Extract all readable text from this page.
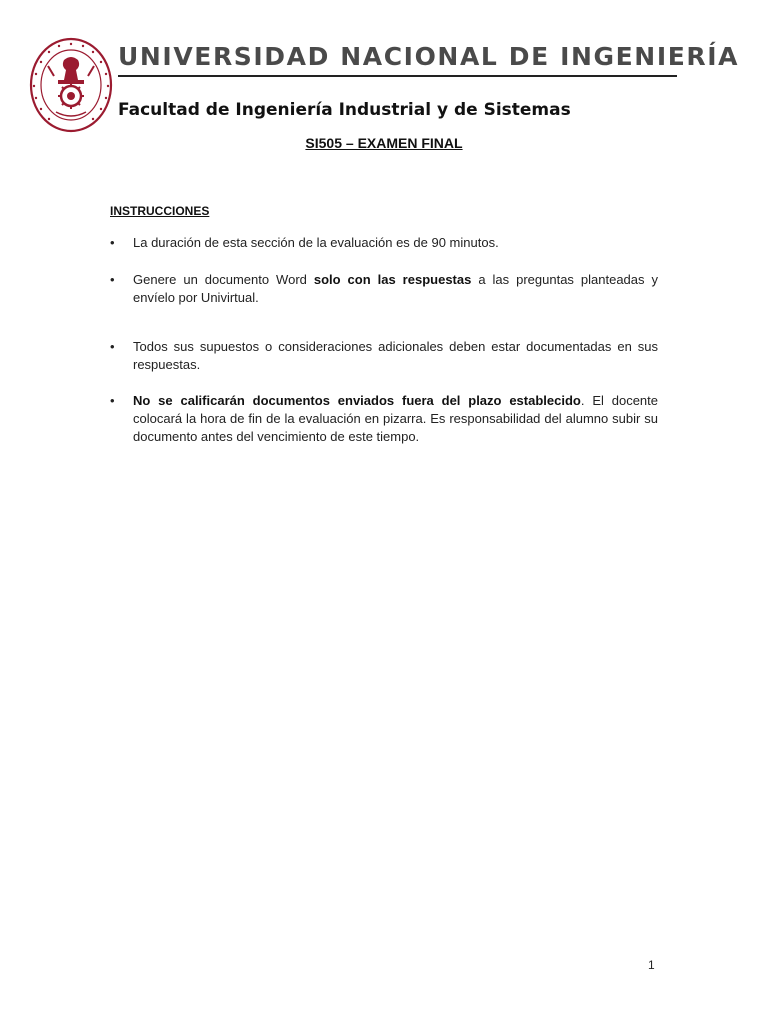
UNIVERSIDAD NACIONAL DE INGENIERÍA
Facultad de Ingeniería Industrial y de Sistemas
SI505 – EXAMEN FINAL
INSTRUCCIONES
•	La duración de esta sección de la evaluación es de 90 minutos.
•	Genere un documento Word solo con las respuestas a las preguntas planteadas y envíelo por Univirtual.
•	Todos sus supuestos o consideraciones adicionales deben estar documentadas en sus respuestas.
•	No se calificarán documentos enviados fuera del plazo establecido. El docente colocará la hora de fin de la evaluación en pizarra. Es responsabilidad del alumno subir su documento antes del vencimiento de este tiempo.
1
